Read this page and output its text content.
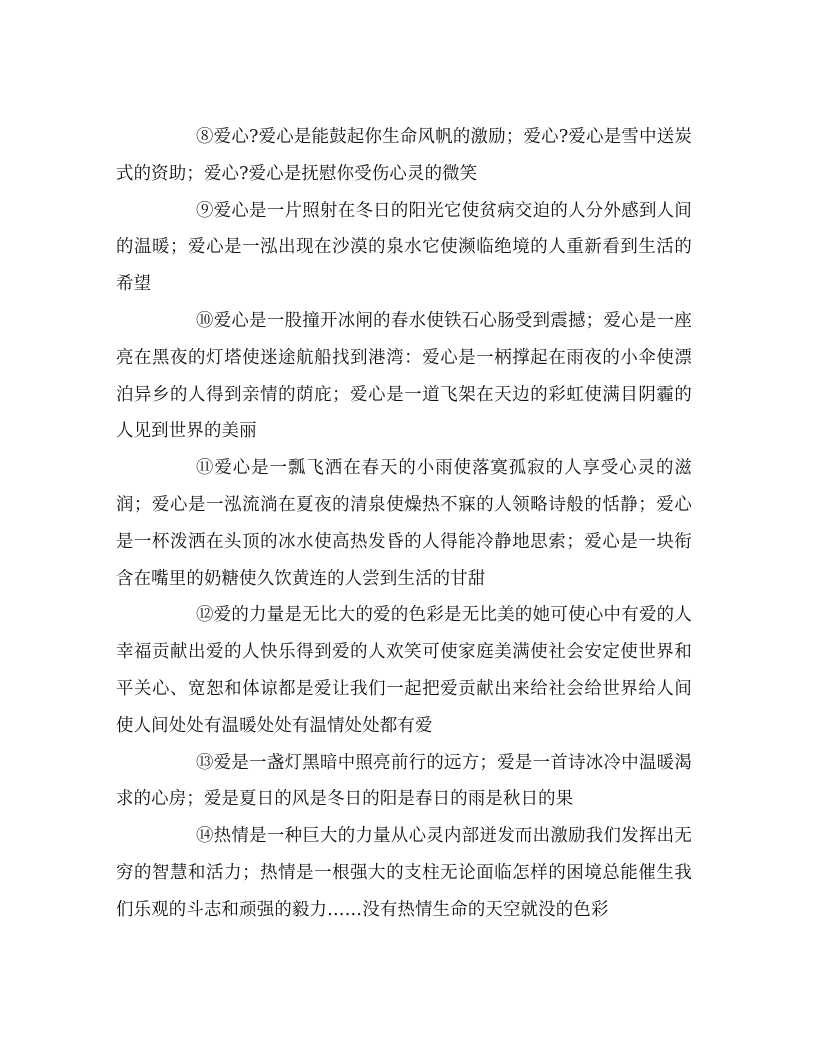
⑧爱心?爱心是能鼓起你生命风帆的激励；爱心?爱心是雪中送炭式的资助；爱心?爱心是抚慰你受伤心灵的微笑

⑨爱心是一片照射在冬日的阳光它使贫病交迫的人分外感到人间的温暖；爱心是一泓出现在沙漠的泉水它使濒临绝境的人重新看到生活的希望

⑩爱心是一股撞开冰闸的春水使铁石心肠受到震撼；爱心是一座亮在黑夜的灯塔使迷途航船找到港湾：爱心是一柄撑起在雨夜的小伞使漂泊异乡的人得到亲情的荫庇；爱心是一道飞架在天边的彩虹使满目阴霾的人见到世界的美丽

⑪爱心是一瓢飞洒在春天的小雨使落寞孤寂的人享受心灵的滋润；爱心是一泓流淌在夏夜的清泉使燥热不寐的人领略诗般的恬静；爱心是一杯泼洒在头顶的冰水使高热发昏的人得能冷静地思索；爱心是一块衔含在嘴里的奶糖使久饮黄连的人尝到生活的甘甜

⑫爱的力量是无比大的爱的色彩是无比美的她可使心中有爱的人幸福贡献出爱的人快乐得到爱的人欢笑可使家庭美满使社会安定使世界和平关心、宽恕和体谅都是爱让我们一起把爱贡献出来给社会给世界给人间使人间处处有温暖处处有温情处处都有爱

⑬爱是一盏灯黑暗中照亮前行的远方；爱是一首诗冰冷中温暖渴求的心房；爱是夏日的风是冬日的阳是春日的雨是秋日的果

⑭热情是一种巨大的力量从心灵内部迸发而出激励我们发挥出无穷的智慧和活力；热情是一根强大的支柱无论面临怎样的困境总能催生我们乐观的斗志和顽强的毅力……没有热情生命的天空就没的色彩
